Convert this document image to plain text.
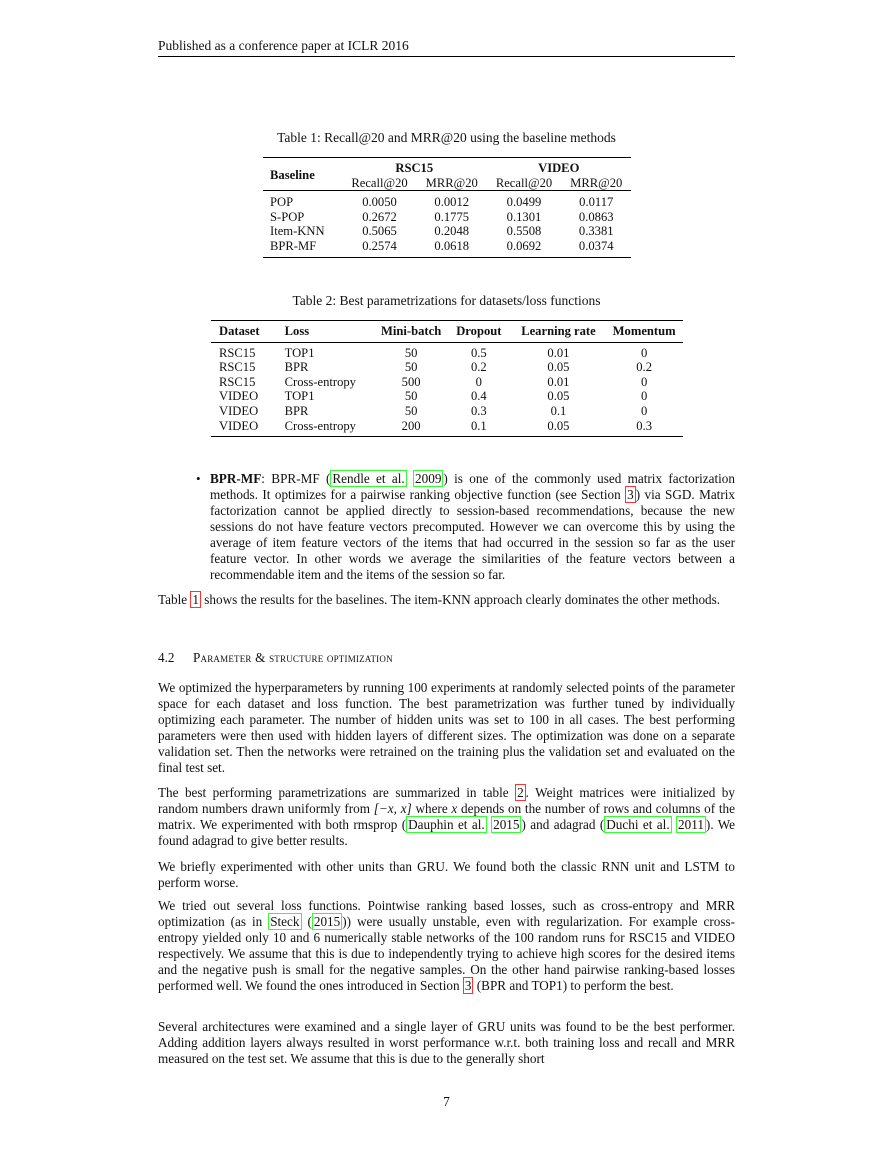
Published as a conference paper at ICLR 2016
Table 1: Recall@20 and MRR@20 using the baseline methods
Baseline	RSC15		VIDEO	
	Recall@20	MRR@20	Recall@20	MRR@20
POP	0.0050	0.0012	0.0499	0.0117
S-POP	0.2672	0.1775	0.1301	0.0863
Item-KNN	0.5065	0.2048	0.5508	0.3381
BPR-MF	0.2574	0.0618	0.0692	0.0374
Table 2: Best parametrizations for datasets/loss functions
Dataset	Loss	Mini-batch	Dropout	Learning rate	Momentum
RSC15	TOP1	50	0.5	0.01	0
RSC15	BPR	50	0.2	0.05	0.2
RSC15	Cross-entropy	500	0	0.01	0
VIDEO	TOP1	50	0.4	0.05	0
VIDEO	BPR	50	0.3	0.1	0
VIDEO	Cross-entropy	200	0.1	0.05	0.3
• BPR-MF: BPR-MF ( Rendle et al. 2009 ) is one of the commonly used matrix factorization methods. It optimizes for a pairwise ranking objective function (see Section 3 ) via SGD. Matrix factorization cannot be applied directly to session-based recommendations, because the new sessions do not have feature vectors precomputed. However we can overcome this by using the average of item feature vectors of the items that had occurred in the session so far as the user feature vector. In other words we average the similarities of the feature vectors between a recommendable item and the items of the session so far.
Table 1 shows the results for the baselines. The item-KNN approach clearly dominates the other methods.
4.2 Parameter & structure optimization
We optimized the hyperparameters by running 100 experiments at randomly selected points of the parameter space for each dataset and loss function. The best parametrization was further tuned by individually optimizing each parameter. The number of hidden units was set to 100 in all cases. The best performing parameters were then used with hidden layers of different sizes. The optimization was done on a separate validation set. Then the networks were retrained on the training plus the validation set and evaluated on the final test set.
The best performing parametrizations are summarized in table 2 . Weight matrices were initialized by random numbers drawn uniformly from [−x, x] where x depends on the number of rows and columns of the matrix. We experimented with both rmsprop ( Dauphin et al. 2015 ) and adagrad ( Duchi et al. 2011 ). We found adagrad to give better results.
We briefly experimented with other units than GRU. We found both the classic RNN unit and LSTM to perform worse.
We tried out several loss functions. Pointwise ranking based losses, such as cross-entropy and MRR optimization (as in Steck ( 2015 )) were usually unstable, even with regularization. For example cross-entropy yielded only 10 and 6 numerically stable networks of the 100 random runs for RSC15 and VIDEO respectively. We assume that this is due to independently trying to achieve high scores for the desired items and the negative push is small for the negative samples. On the other hand pairwise ranking-based losses performed well. We found the ones introduced in Section 3 (BPR and TOP1) to perform the best.
Several architectures were examined and a single layer of GRU units was found to be the best performer. Adding addition layers always resulted in worst performance w.r.t. both training loss and recall and MRR measured on the test set. We assume that this is due to the generally short
7
